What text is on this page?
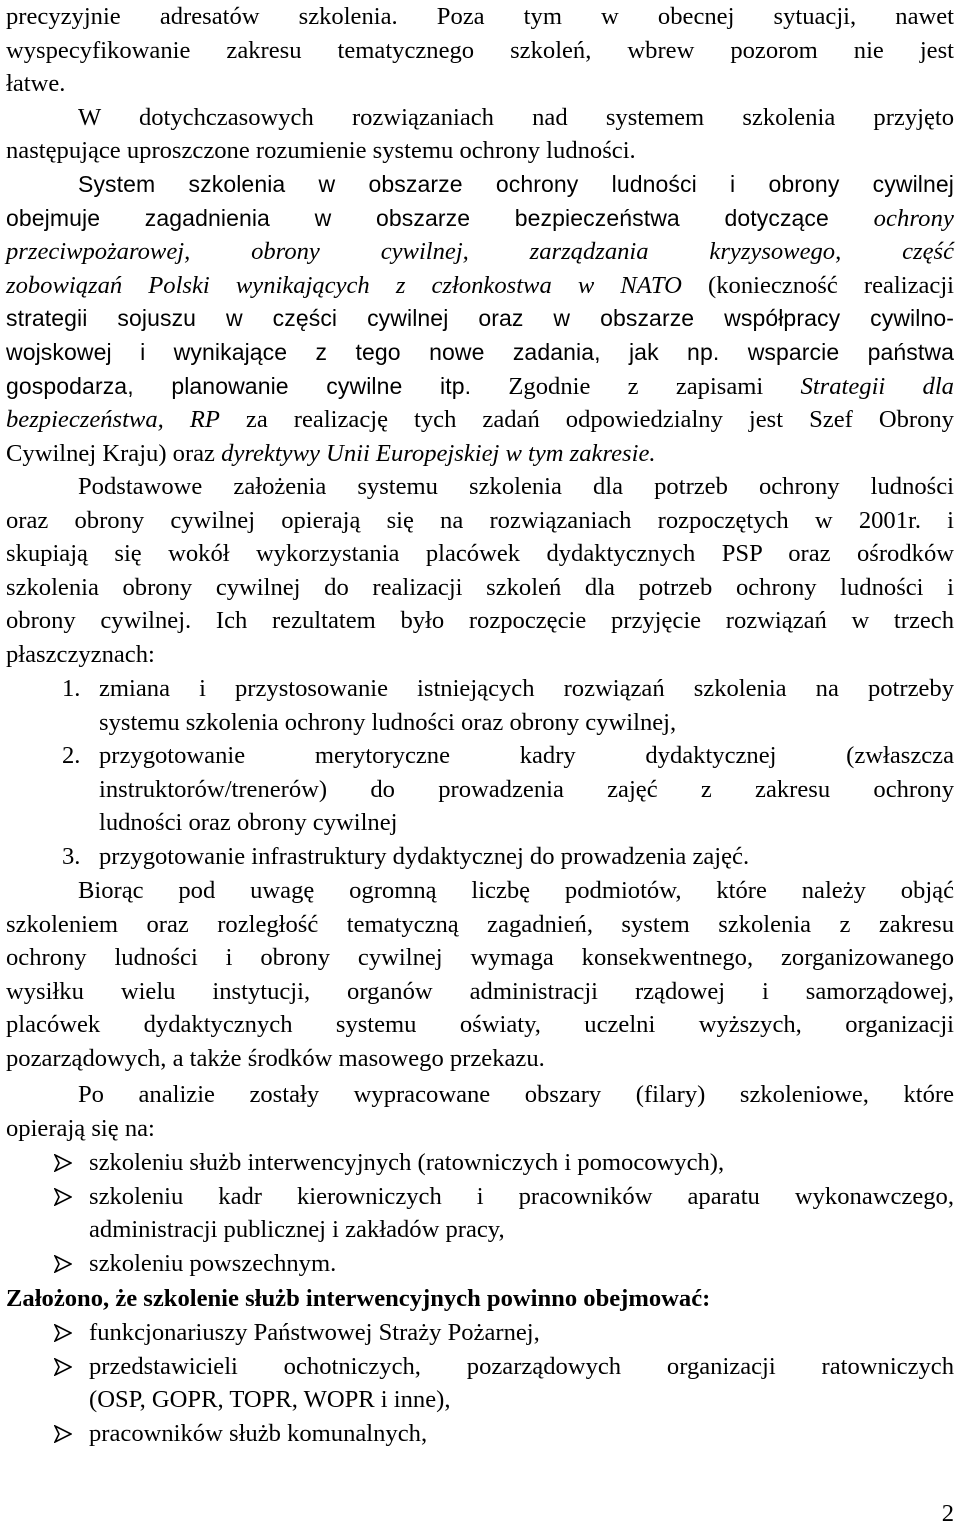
precyzyjnie adresatów szkolenia. Poza tym w obecnej sytuacji, nawet
wyspecyfikowanie zakresu tematycznego szkoleń, wbrew pozorom nie jest
łatwe.
W dotychczasowych rozwiązaniach nad systemem szkolenia przyjęto
następujące uproszczone rozumienie systemu ochrony ludności.
System szkolenia w obszarze ochrony ludności i obrony cywilnej
obejmuje zagadnienia w obszarze bezpieczeństwa dotyczące ochrony
przeciwpożarowej, obrony cywilnej, zarządzania kryzysowego, część
zobowiązań Polski wynikających z członkostwa w NATO (konieczność realizacji
strategii sojuszu w części cywilnej oraz w obszarze współpracy cywilno-
wojskowej i wynikające z tego nowe zadania, jak np. wsparcie państwa
gospodarza, planowanie cywilne itp. Zgodnie z zapisami Strategii dla
bezpieczeństwa, RP za realizację tych zadań odpowiedzialny jest Szef Obrony
Cywilnej Kraju) oraz dyrektywy Unii Europejskiej w tym zakresie.
Podstawowe założenia systemu szkolenia dla potrzeb ochrony ludności
oraz obrony cywilnej opierają się na rozwiązaniach rozpoczętych w 2001r. i
skupiają się wokół wykorzystania placówek dydaktycznych PSP oraz ośrodków
szkolenia obrony cywilnej do realizacji szkoleń dla potrzeb ochrony ludności i
obrony cywilnej. Ich rezultatem było rozpoczęcie przyjęcie rozwiązań w trzech
płaszczyznach:
1. zmiana i przystosowanie istniejących rozwiązań szkolenia na potrzeby
systemu szkolenia ochrony ludności oraz obrony cywilnej,
2. przygotowanie merytoryczne kadry dydaktycznej (zwłaszcza
instruktorów/trenerów) do prowadzenia zajęć z zakresu ochrony
ludności oraz obrony cywilnej
3. przygotowanie infrastruktury dydaktycznej do prowadzenia zajęć.
Biorąc pod uwagę ogromną liczbę podmiotów, które należy objąć
szkoleniem oraz rozległość tematyczną zagadnień, system szkolenia z zakresu
ochrony ludności i obrony cywilnej wymaga konsekwentnego, zorganizowanego
wysiłku wielu instytucji, organów administracji rządowej i samorządowej,
placówek dydaktycznych systemu oświaty, uczelni wyższych, organizacji
pozarządowych, a także środków masowego przekazu.
Po analizie zostały wypracowane obszary (filary) szkoleniowe, które
opierają się na:
szkoleniu służb interwencyjnych (ratowniczych i pomocowych),
szkoleniu kadr kierowniczych i pracowników aparatu wykonawczego,
administracji publicznej i zakładów pracy,
szkoleniu powszechnym.
Założono, że szkolenie służb interwencyjnych powinno obejmować:
funkcjonariuszy Państwowej Straży Pożarnej,
przedstawicieli ochotniczych, pozarządowych organizacji ratowniczych
(OSP, GOPR, TOPR, WOPR i inne),
pracowników służb komunalnych,
2
